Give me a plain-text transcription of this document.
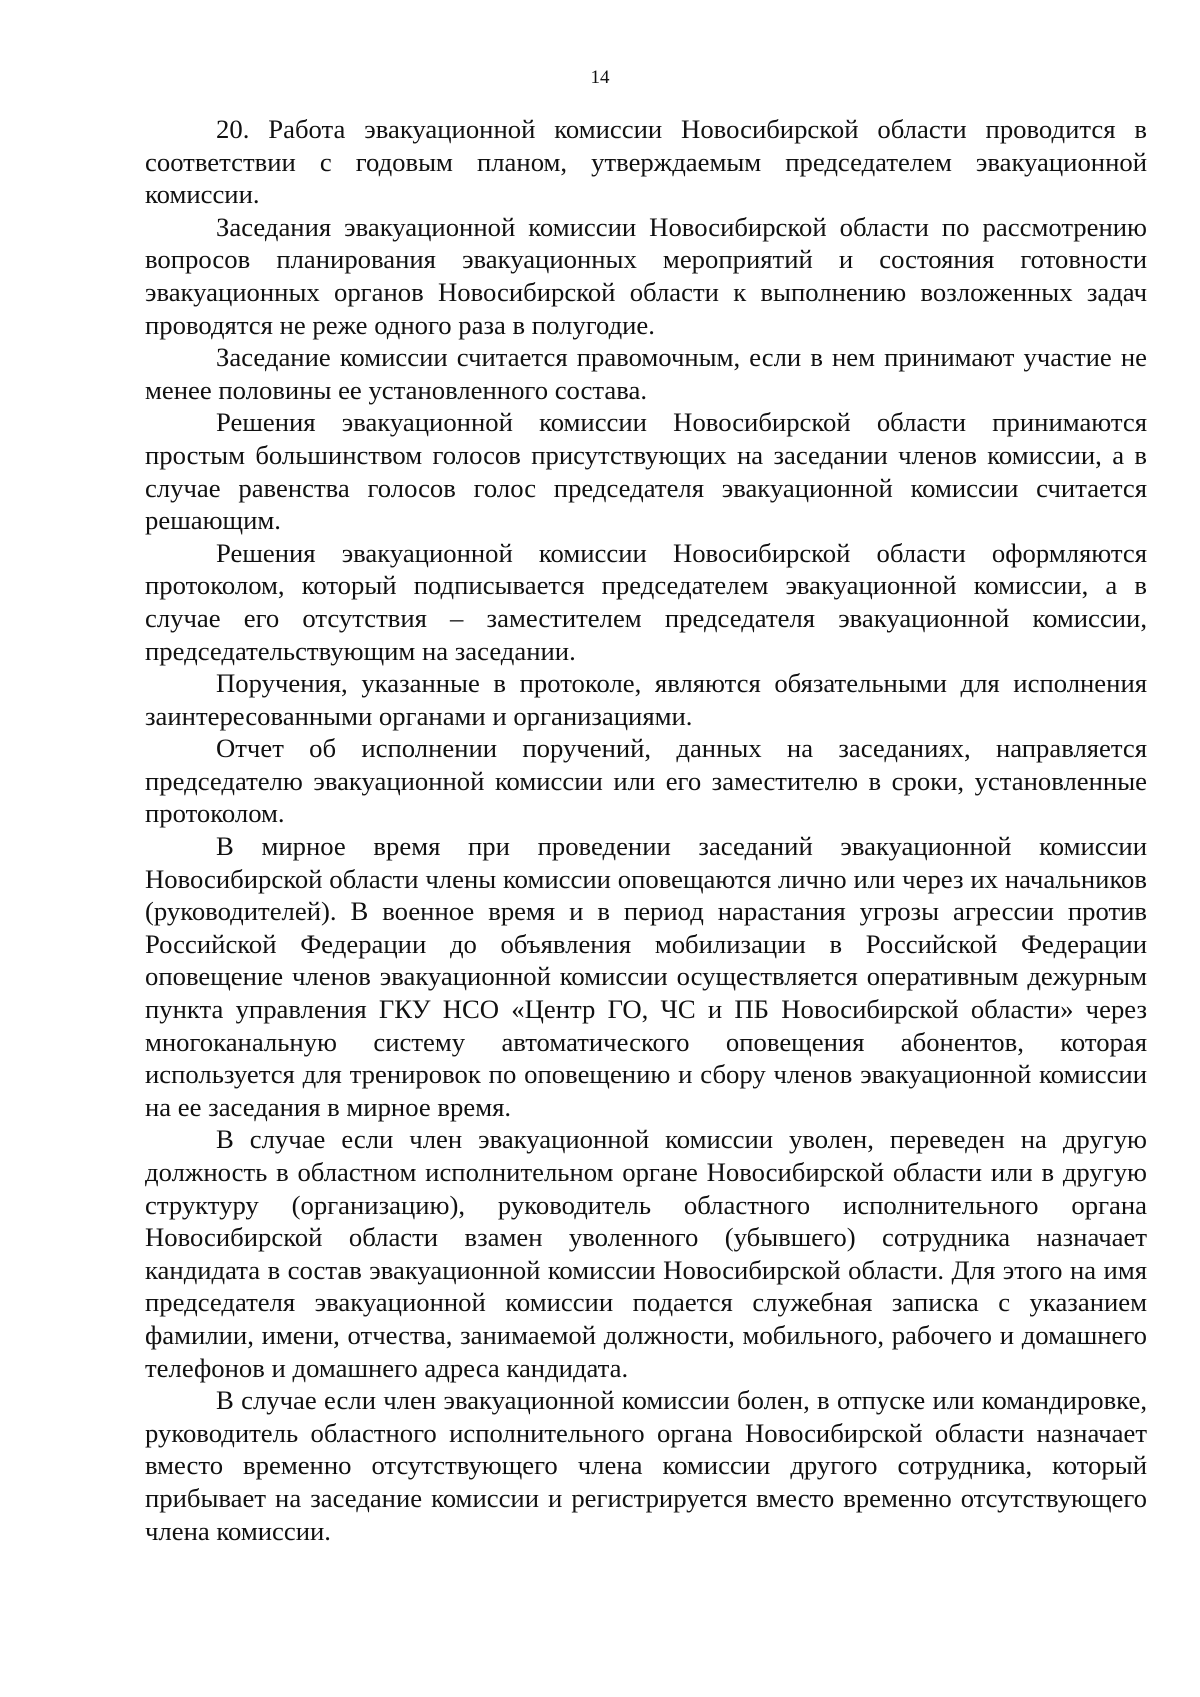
14

20. Работа эвакуационной комиссии Новосибирской области проводится в соответствии с годовым планом, утверждаемым председателем эвакуационной комиссии.

Заседания эвакуационной комиссии Новосибирской области по рассмотрению вопросов планирования эвакуационных мероприятий и состояния готовности эвакуационных органов Новосибирской области к выполнению возложенных задач проводятся не реже одного раза в полугодие.

Заседание комиссии считается правомочным, если в нем принимают участие не менее половины ее установленного состава.

Решения эвакуационной комиссии Новосибирской области принимаются простым большинством голосов присутствующих на заседании членов комиссии, а в случае равенства голосов голос председателя эвакуационной комиссии считается решающим.

Решения эвакуационной комиссии Новосибирской области оформляются протоколом, который подписывается председателем эвакуационной комиссии, а в случае его отсутствия – заместителем председателя эвакуационной комиссии, председательствующим на заседании.

Поручения, указанные в протоколе, являются обязательными для исполнения заинтересованными органами и организациями.

Отчет об исполнении поручений, данных на заседаниях, направляется председателю эвакуационной комиссии или его заместителю в сроки, установленные протоколом.

В мирное время при проведении заседаний эвакуационной комиссии Новосибирской области члены комиссии оповещаются лично или через их начальников (руководителей). В военное время и в период нарастания угрозы агрессии против Российской Федерации до объявления мобилизации в Российской Федерации оповещение членов эвакуационной комиссии осуществляется оперативным дежурным пункта управления ГКУ НСО «Центр ГО, ЧС и ПБ Новосибирской области» через многоканальную систему автоматического оповещения абонентов, которая используется для тренировок по оповещению и сбору членов эвакуационной комиссии на ее заседания в мирное время.

В случае если член эвакуационной комиссии уволен, переведен на другую должность в областном исполнительном органе Новосибирской области или в другую структуру (организацию), руководитель областного исполнительного органа Новосибирской области взамен уволенного (убывшего) сотрудника назначает кандидата в состав эвакуационной комиссии Новосибирской области. Для этого на имя председателя эвакуационной комиссии подается служебная записка с указанием фамилии, имени, отчества, занимаемой должности, мобильного, рабочего и домашнего телефонов и домашнего адреса кандидата.

В случае если член эвакуационной комиссии болен, в отпуске или командировке, руководитель областного исполнительного органа Новосибирской области назначает вместо временно отсутствующего члена комиссии другого сотрудника, который прибывает на заседание комиссии и регистрируется вместо временно отсутствующего члена комиссии.
